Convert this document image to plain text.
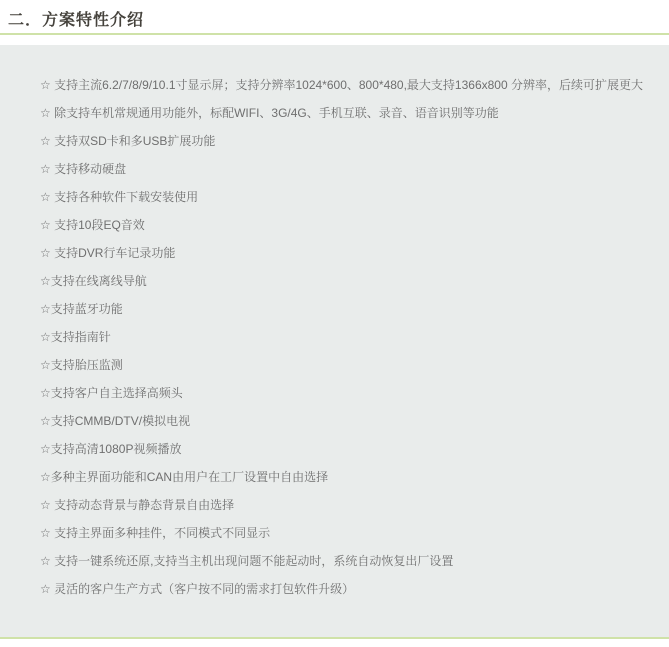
二．方案特性介绍
☆ 支持主流6.2/7/8/9/10.1寸显示屏；支持分辨率1024*600、800*480,最大支持1366x800 分辨率，后续可扩展更大
☆ 除支持车机常规通用功能外，标配WIFI、3G/4G、手机互联、录音、语音识别等功能
☆ 支持双SD卡和多USB扩展功能
☆ 支持移动硬盘
☆ 支持各种软件下载安装使用
☆ 支持10段EQ音效
☆ 支持DVR行车记录功能
☆支持在线离线导航
☆支持蓝牙功能
☆支持指南针
☆支持胎压监测
☆支持客户自主选择高频头
☆支持CMMB/DTV/模拟电视
☆支持高清1080P视频播放
☆多种主界面功能和CAN由用户在工厂设置中自由选择
☆ 支持动态背景与静态背景自由选择
☆ 支持主界面多种挂件，不同模式不同显示
☆ 支持一键系统还原,支持当主机出现问题不能起动时，系统自动恢复出厂设置
☆ 灵活的客户生产方式（客户按不同的需求打包软件升级）
